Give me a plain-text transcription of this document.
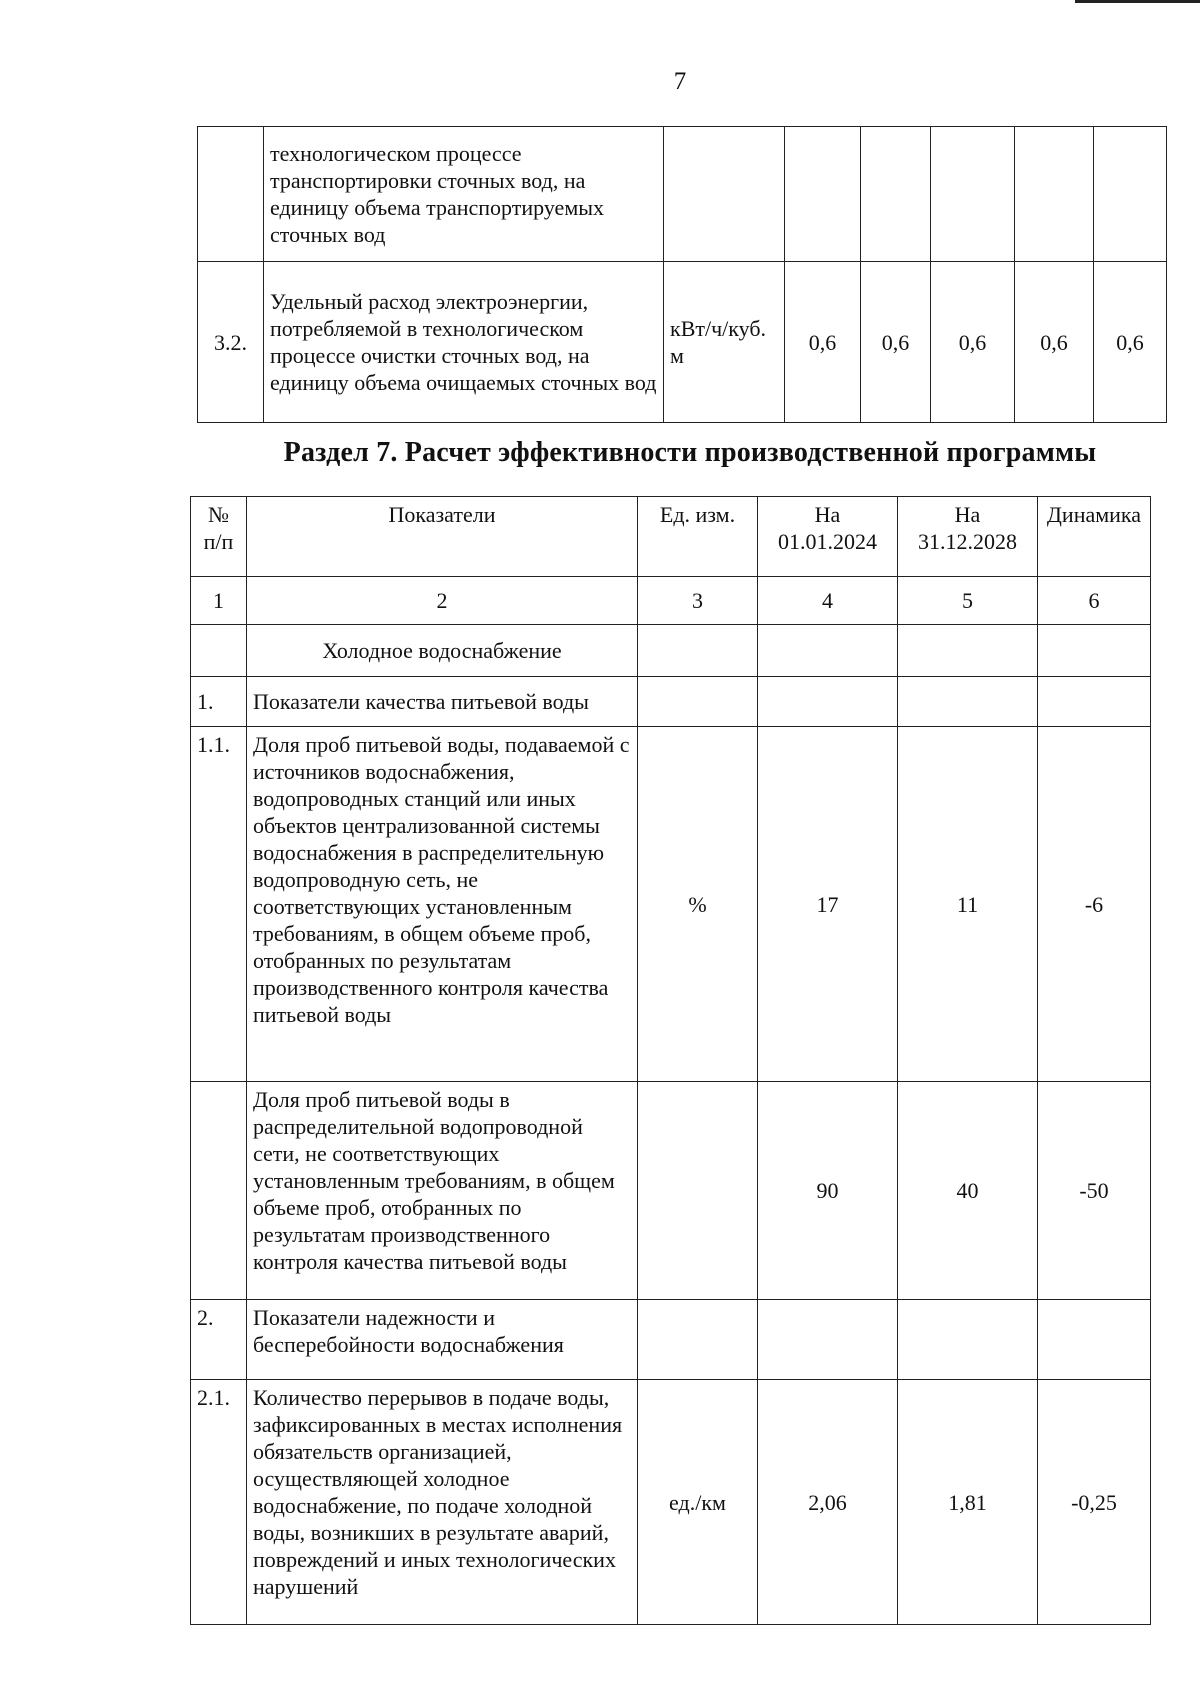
7
	технологическом процессе транспортировки сточных вод, на единицу объема транспортируемых сточных вод						
3.2.	Удельный расход электроэнергии, потребляемой в технологическом процессе очистки сточных вод, на единицу объема очищаемых сточных вод	кВт/ч/куб. м	0,6	0,6	0,6	0,6	0,6
Раздел 7. Расчет эффективности производственной программы
№ п/п	Показатели	Ед. изм.	На 01.01.2024	На 31.12.2028	Динамика
1	2	3	4	5	6
	Холодное водоснабжение				
1.	Показатели качества питьевой воды				
1.1.	Доля проб питьевой воды, подаваемой с источников водоснабжения, водопроводных станций или иных объектов централизованной системы водоснабжения в распределительную водопроводную сеть, не соответствующих установленным требованиям, в общем объеме проб, отобранных по результатам производственного контроля качества питьевой воды	%	17	11	-6
	Доля проб питьевой воды в распределительной водопроводной сети, не соответствующих установленным требованиям, в общем объеме проб, отобранных по результатам производственного контроля качества питьевой воды		90	40	-50
2.	Показатели надежности и бесперебойности водоснабжения				
2.1.	Количество перерывов в подаче воды, зафиксированных в местах исполнения обязательств организацией, осуществляющей холодное водоснабжение, по подаче холодной воды, возникших в результате аварий, повреждений и иных технологических нарушений	ед./км	2,06	1,81	-0,25
